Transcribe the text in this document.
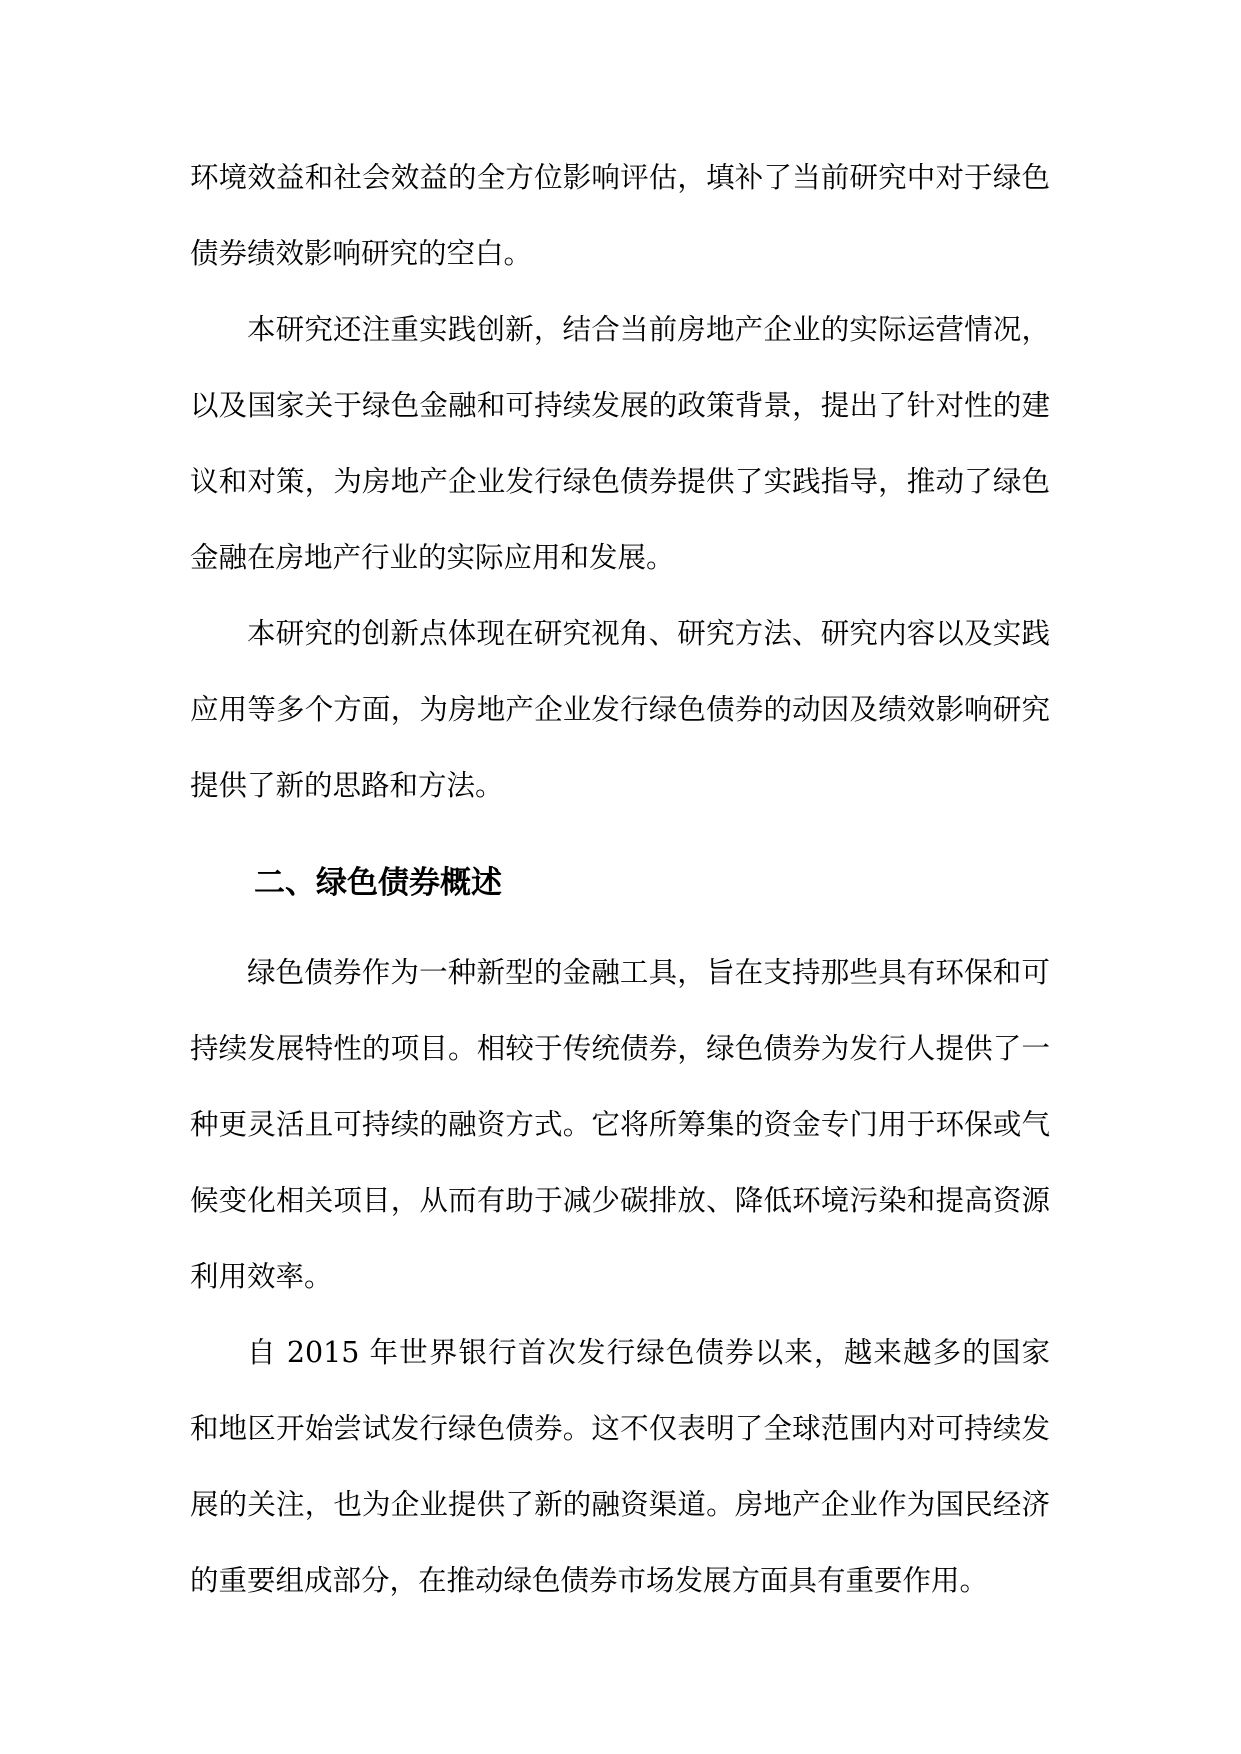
环境效益和社会效益的全方位影响评估，填补了当前研究中对于绿色债券绩效影响研究的空白。

本研究还注重实践创新，结合当前房地产企业的实际运营情况，以及国家关于绿色金融和可持续发展的政策背景，提出了针对性的建议和对策，为房地产企业发行绿色债券提供了实践指导，推动了绿色金融在房地产行业的实际应用和发展。

本研究的创新点体现在研究视角、研究方法、研究内容以及实践应用等多个方面，为房地产企业发行绿色债券的动因及绩效影响研究提供了新的思路和方法。

二、绿色债券概述

绿色债券作为一种新型的金融工具，旨在支持那些具有环保和可持续发展特性的项目。相较于传统债券，绿色债券为发行人提供了一种更灵活且可持续的融资方式。它将所筹集的资金专门用于环保或气候变化相关项目，从而有助于减少碳排放、降低环境污染和提高资源利用效率。

自 2015 年世界银行首次发行绿色债券以来，越来越多的国家和地区开始尝试发行绿色债券。这不仅表明了全球范围内对可持续发展的关注，也为企业提供了新的融资渠道。房地产企业作为国民经济的重要组成部分，在推动绿色债券市场发展方面具有重要作用。
